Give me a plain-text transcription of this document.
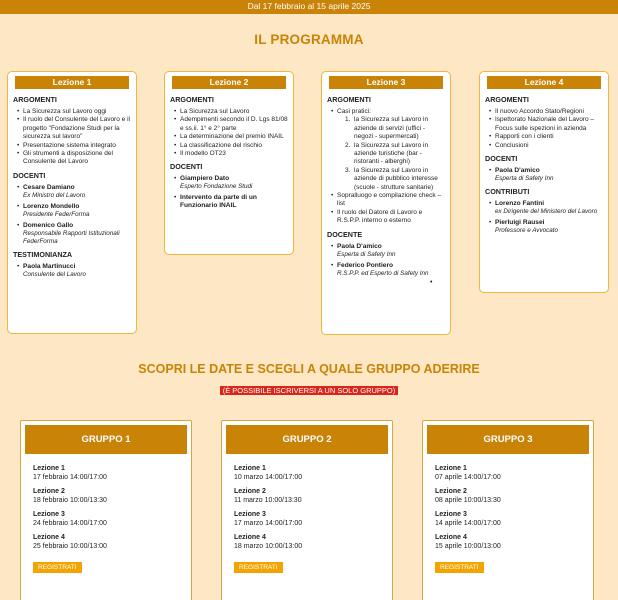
Dal 17 febbraio al 15 aprile 2025
IL PROGRAMMA
Lezione 1
ARGOMENTI
• La Sicurezza sul Lavoro oggi
• Il ruolo del Consulente del Lavoro e il progetto "Fondazione Studi per la sicurezza sul lavoro"
• Presentazione sistema integrato
• Gli strumenti a disposizione del Consulente del Lavoro
DOCENTI
• Cesare Damiano
Ex Ministro del Lavoro
• Lorenzo Mondello
Presidente FederForma
• Domenico Gallo
Responsabile Rapporti Istituzionali FederForma
TESTIMONIANZA
• Paola Martinucci
Consulente del Lavoro
Lezione 2
ARGOMENTI
• La Sicurezza sul Lavoro
• Adempimenti secondo il D. Lgs 81/08 e ss.ii. 1° e 2° parte
• La determinazione del premio INAIL
• La classificazione del rischio
• Il modello OT23
DOCENTI
• Giampiero Dato
Esperto Fondazione Studi
• Intervento da parte di un Funzionario INAIL
Lezione 3
ARGOMENTI
• Casi pratici:
1. la Sicurezza sul Lavoro in aziende di servizi (uffici - negozi - supermercati)
2. la Sicurezza sul Lavoro in aziende turistiche (bar - ristoranti - alberghi)
3. la Sicurezza sul Lavoro in aziende di pubblico interesse (scuole - strutture sanitarie)
• Sopralluogo e compilazione check – list
• Il ruolo del Datore di Lavoro e R.S.P.P. interno o esterno
DOCENTE
•
• Paola D'amico
Esperta di Safety Inn
• Federico Pontiero
R.S.P.P. ed Esperto di Safety Inn
Lezione 4
ARGOMENTI
• Il nuovo Accordo Stato/Regioni
• Ispettorato Nazionale del Lavoro – Focus sulle ispezioni in azienda
• Rapporti con i clienti
• Conclusioni
DOCENTI
• Paola D'amico
Esperta di Safety Inn
CONTRIBUTI
• Lorenzo Fantini
ex Dirigente del Ministero del Lavoro
• Pierluigi Rausei
Professore e Avvocato
SCOPRI LE DATE E SCEGLI A QUALE GRUPPO ADERIRE
(È POSSIBILE ISCRIVERSI A UN SOLO GRUPPO)
GRUPPO 1
Lezione 1
17 febbraio 14:00/17:00
Lezione 2
18 febbraio 10:00/13:30
Lezione 3
24 febbraio 14:00/17:00
Lezione 4
25 febbraio 10:00/13:00
REGISTRATI
GRUPPO 2
Lezione 1
10 marzo 14:00/17:00
Lezione 2
11 marzo 10:00/13:30
Lezione 3
17 marzo 14:00/17:00
Lezione 4
18 marzo 10:00/13:00
REGISTRATI
GRUPPO 3
Lezione 1
07 aprile 14:00/17:00
Lezione 2
08 aprile 10:00/13:30
Lezione 3
14 aprile 14:00/17:00
Lezione 4
15 aprile 10:00/13:00
REGISTRATI
